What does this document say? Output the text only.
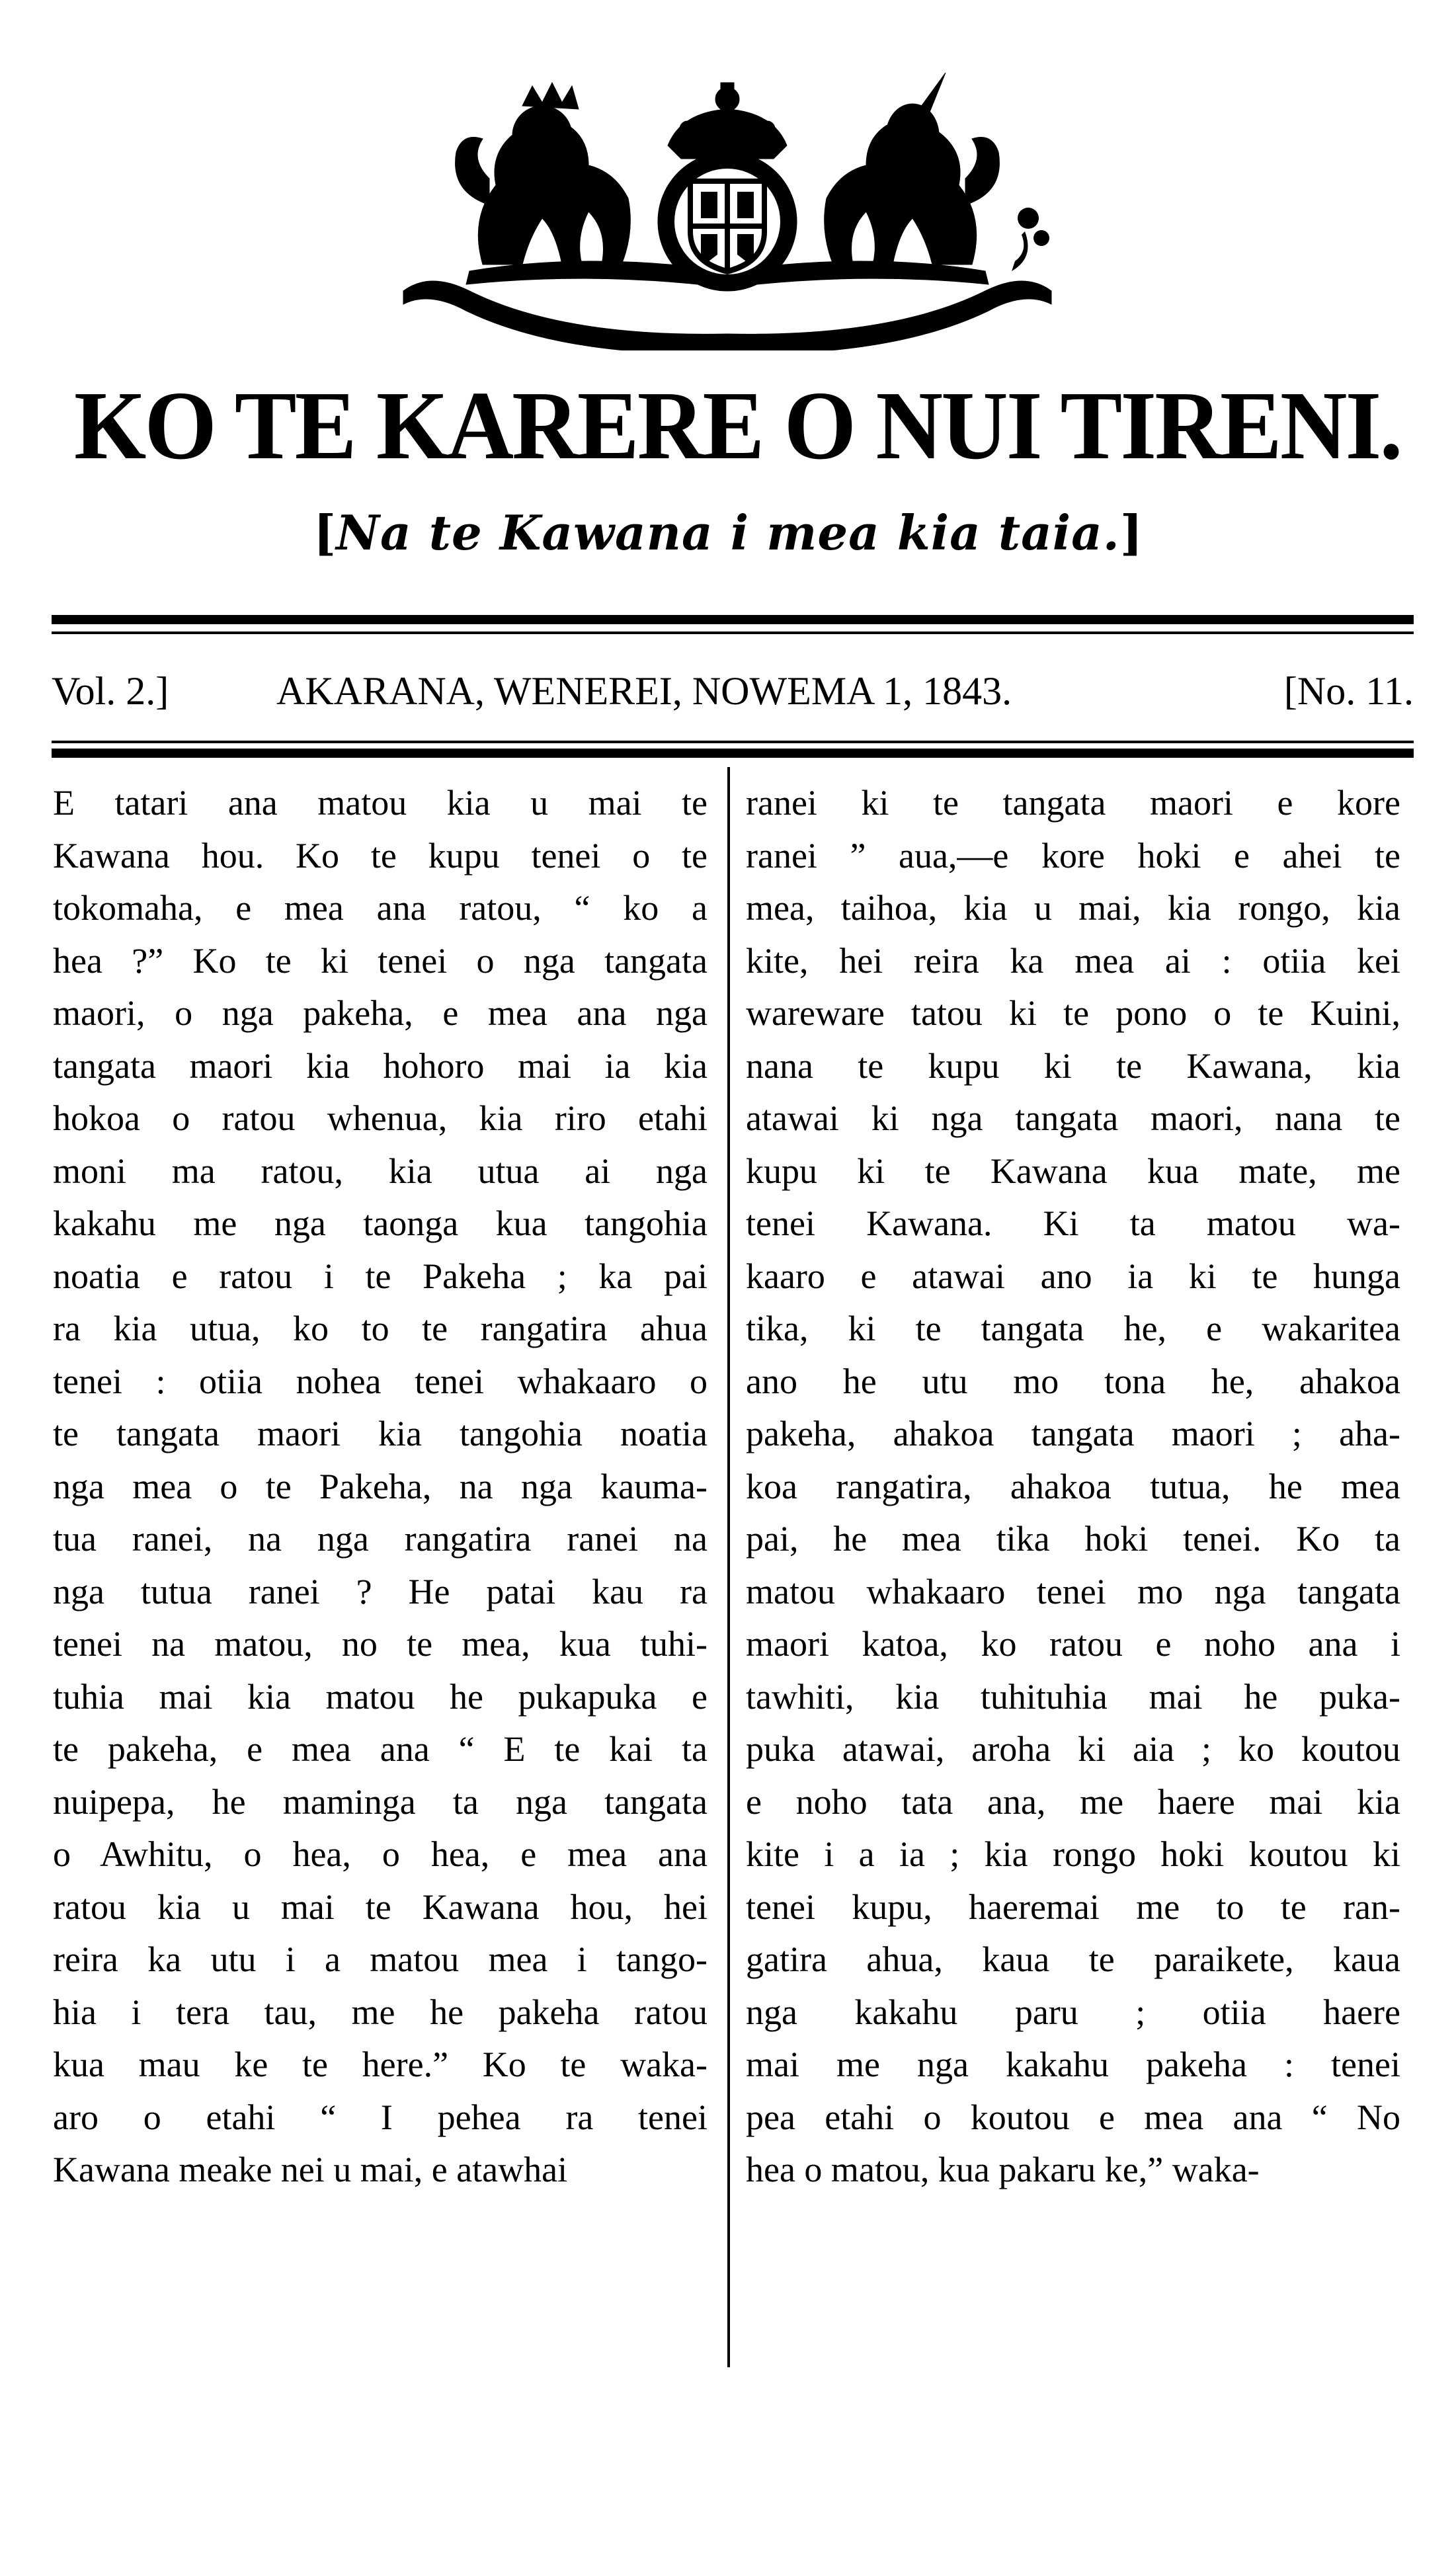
KO TE KARERE O NUI TIRENI.
[Na te Kawana i mea kia taia.]
Vol. 2.]	AKARANA, WENEREI, NOWEMA 1, 1843.	[No. 11.
E tatari ana matou kia u mai te
Kawana hou. Ko te kupu tenei o te
tokomaha, e mea ana ratou, “ ko a
hea ?” Ko te ki tenei o nga tangata
maori, o nga pakeha, e mea ana nga
tangata maori kia hohoro mai ia kia
hokoa o ratou whenua, kia riro etahi
moni ma ratou, kia utua ai nga
kakahu me nga taonga kua tangohia
noatia e ratou i te Pakeha ; ka pai
ra kia utua, ko to te rangatira ahua
tenei : otiia nohea tenei whakaaro o
te tangata maori kia tangohia noatia
nga mea o te Pakeha, na nga kauma-
tua ranei, na nga rangatira ranei na
nga tutua ranei ? He patai kau ra
tenei na matou, no te mea, kua tuhi-
tuhia mai kia matou he pukapuka e
te pakeha, e mea ana “ E te kai ta
nuipepa, he maminga ta nga tangata
o Awhitu, o hea, o hea, e mea ana
ratou kia u mai te Kawana hou, hei
reira ka utu i a matou mea i tango-
hia i tera tau, me he pakeha ratou
kua mau ke te here.” Ko te waka-
aro o etahi “ I pehea ra tenei
Kawana meake nei u mai, e atawhai
ranei ki te tangata maori e kore
ranei ” aua,—e kore hoki e ahei te
mea, taihoa, kia u mai, kia rongo, kia
kite, hei reira ka mea ai : otiia kei
wareware tatou ki te pono o te Kuini,
nana te kupu ki te Kawana, kia
atawai ki nga tangata maori, nana te
kupu ki te Kawana kua mate, me
tenei Kawana. Ki ta matou wa-
kaaro e atawai ano ia ki te hunga
tika, ki te tangata he, e wakaritea
ano he utu mo tona he, ahakoa
pakeha, ahakoa tangata maori ; aha-
koa rangatira, ahakoa tutua, he mea
pai, he mea tika hoki tenei. Ko ta
matou whakaaro tenei mo nga tangata
maori katoa, ko ratou e noho ana i
tawhiti, kia tuhituhia mai he puka-
puka atawai, aroha ki aia ; ko koutou
e noho tata ana, me haere mai kia
kite i a ia ; kia rongo hoki koutou ki
tenei kupu, haeremai me to te ran-
gatira ahua, kaua te paraikete, kaua
nga kakahu paru ; otiia haere
mai me nga kakahu pakeha : tenei
pea etahi o koutou e mea ana “ No
hea o matou, kua pakaru ke,” waka-
